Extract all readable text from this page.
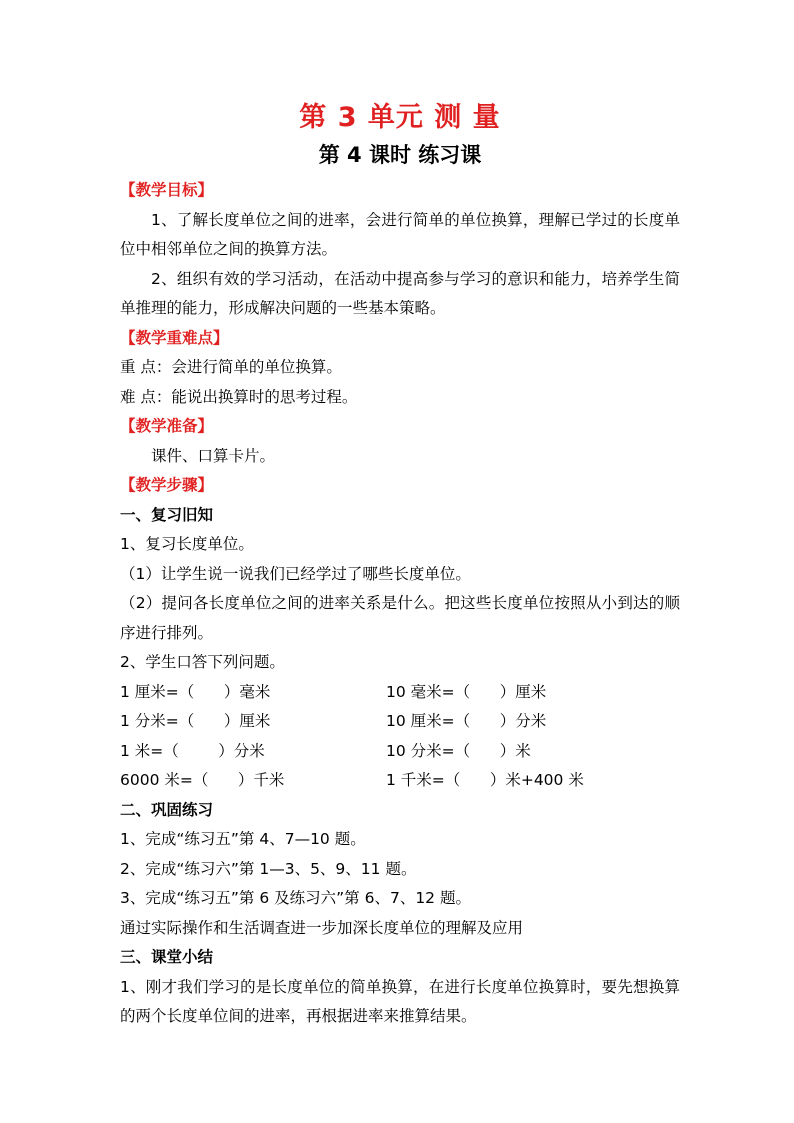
第 3 单元 测 量
第 4 课时 练习课
【教学目标】
1、了解长度单位之间的进率，会进行简单的单位换算，理解已学过的长度单位中相邻单位之间的换算方法。
2、组织有效的学习活动，在活动中提高参与学习的意识和能力，培养学生简单推理的能力，形成解决问题的一些基本策略。
【教学重难点】
重 点：会进行简单的单位换算。
难 点：能说出换算时的思考过程。
【教学准备】
课件、口算卡片。
【教学步骤】
一、复习旧知
1、复习长度单位。
（1）让学生说一说我们已经学过了哪些长度单位。
（2）提问各长度单位之间的进率关系是什么。把这些长度单位按照从小到达的顺序进行排列。
2、学生口答下列问题。
1 厘米=（      ）毫米	10 毫米=（      ）厘米
1 分米=（      ）厘米	10 厘米=（      ）分米
1 米=（        ）分米	10 分米=（      ）米
6000 米=（      ）千米	1 千米=（      ）米+400 米
二、巩固练习
1、完成“练习五”第 4、7—10 题。
2、完成“练习六”第 1—3、5、9、11 题。
3、完成“练习五”第 6 及练习六”第 6、7、12 题。
通过实际操作和生活调查进一步加深长度单位的理解及应用
三、课堂小结
1、刚才我们学习的是长度单位的简单换算，在进行长度单位换算时，要先想换算的两个长度单位间的进率，再根据进率来推算结果。
